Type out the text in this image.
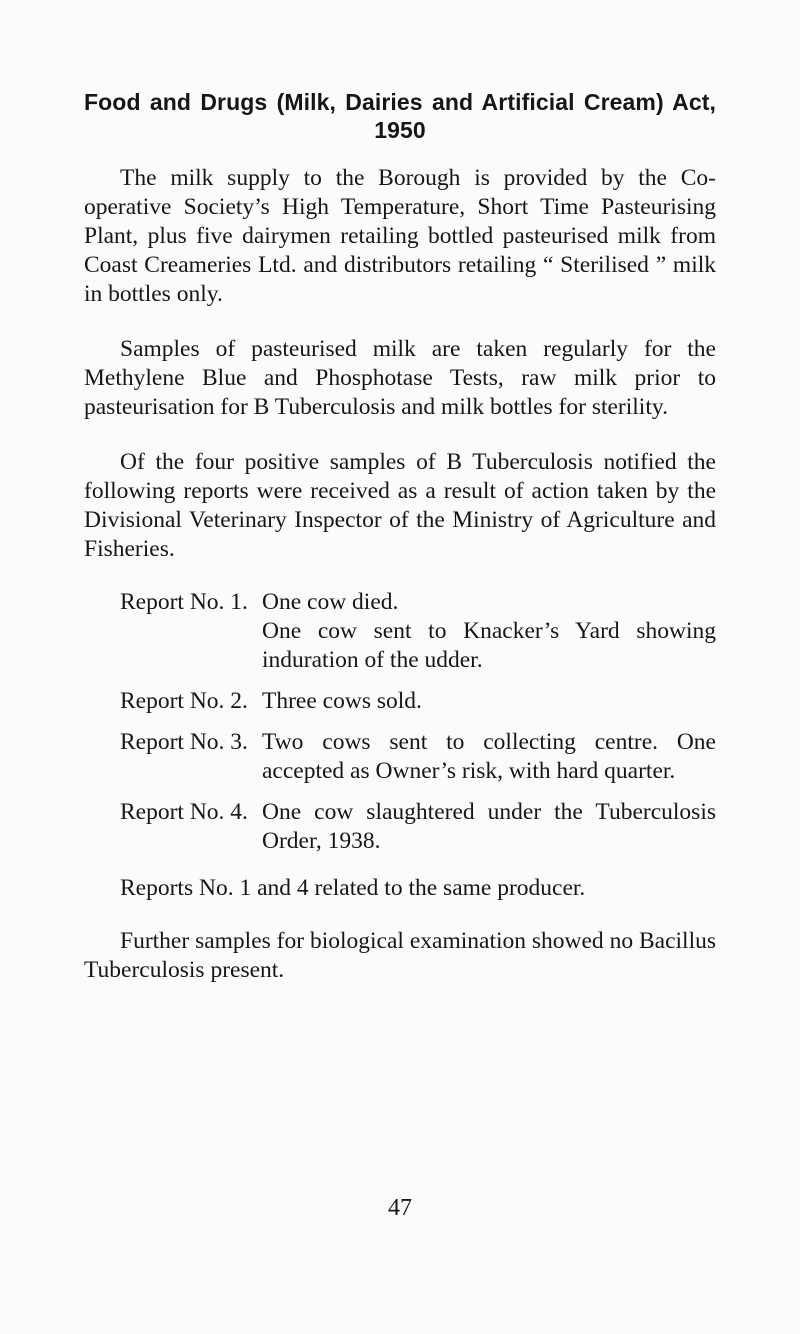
Food and Drugs (Milk, Dairies and Artificial Cream) Act,
1950

The milk supply to the Borough is provided by the Co-operative Society’s High Temperature, Short Time Pasteurising Plant, plus five dairymen retailing bottled pasteurised milk from Coast Creameries Ltd. and distributors retailing “ Sterilised ” milk in bottles only.

Samples of pasteurised milk are taken regularly for the Methylene Blue and Phosphotase Tests, raw milk prior to pasteurisation for B Tuberculosis and milk bottles for sterility.

Of the four positive samples of B Tuberculosis notified the following reports were received as a result of action taken by the Divisional Veterinary Inspector of the Ministry of Agriculture and Fisheries.

Report No. 1. One cow died.
One cow sent to Knacker’s Yard showing induration of the udder.
Report No. 2. Three cows sold.
Report No. 3. Two cows sent to collecting centre. One accepted as Owner’s risk, with hard quarter.
Report No. 4. One cow slaughtered under the Tuberculosis Order, 1938.

Reports No. 1 and 4 related to the same producer.

Further samples for biological examination showed no Bacillus Tuberculosis present.

47
